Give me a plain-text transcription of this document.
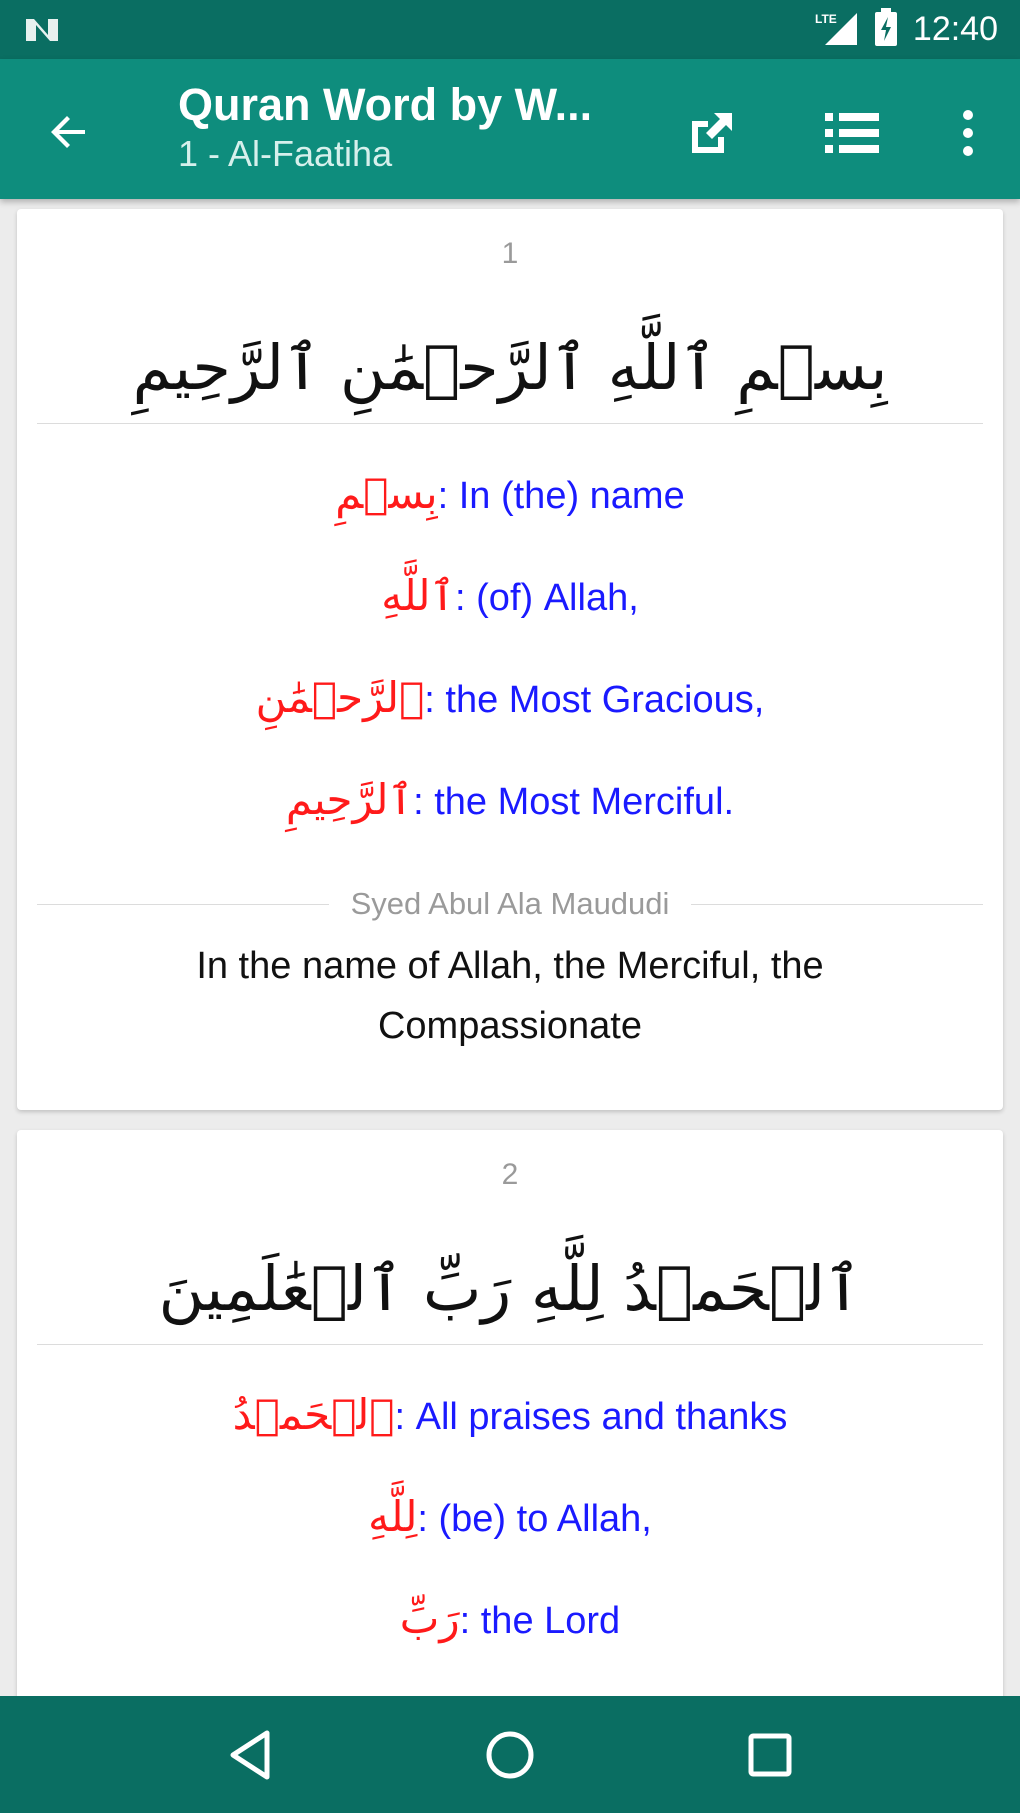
LTE 12:40
Quran Word by W...
1 - Al-Faatiha
1
بِسۡمِ ٱللَّهِ ٱلرَّحۡمَٰنِ ٱلرَّحِيمِ
بِسۡمِ: In (the) name
ٱللَّهِ: (of) Allah,
ٱلرَّحۡمَٰنِ: the Most Gracious,
ٱلرَّحِيمِ: the Most Merciful.
Syed Abul Ala Maududi
In the name of Allah, the Merciful, the Compassionate
2
ٱلۡحَمۡدُ لِلَّهِ رَبِّ ٱلۡعَٰلَمِينَ
ٱلۡحَمۡدُ: All praises and thanks
لِلَّهِ: (be) to Allah,
رَبِّ: the Lord
